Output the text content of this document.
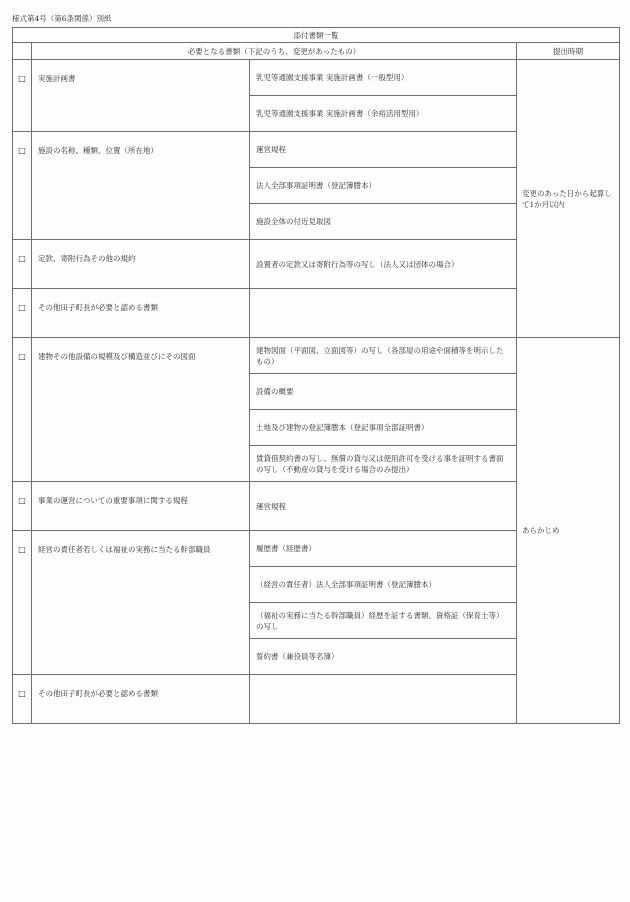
様式第4号（第6条関係）別紙
添付書類一覧			
	必要となる書類（下記のうち、変更があったもの）		提出時期
□	実施計画書	乳児等通園支援事業 実施計画書（一般型用）	変更のあった日から起算して1か月以内
		乳児等通園支援事業 実施計画書（余裕活用型用）	
□	施設の名称、種類、位置（所在地）	運営規程	
		法人全部事項証明書（登記簿謄本）	
		施設全体の付近見取図	
□	定款、寄附行為その他の規約	設置者の定款又は寄附行為等の写し（法人又は団体の場合）	
□	その他田子町長が必要と認める書類		
□	建物その他設備の規模及び構造並びにその図面	建物図面（平面図、立面図等）の写し（各部屋の用途や面積等を明示したもの）	あらかじめ
		設備の概要	
		土地及び建物の登記簿謄本（登記事項全部証明書）	
		賃貸借契約書の写し、無償の貸与又は使用許可を受ける事を証明する書面の写し（不動産の貸与を受ける場合のみ提出）	
□	事業の運営についての重要事項に関する規程	運営規程	
□	経営の責任者若しくは福祉の実務に当たる幹部職員	履歴書（経歴書）	
		（経営の責任者）法人全部事項証明書（登記簿謄本）	
		（福祉の実務に当たる幹部職員）経歴を証する書類、資格証（保育士等）の写し	
		誓約書（兼役員等名簿）	
□	その他田子町長が必要と認める書類		
